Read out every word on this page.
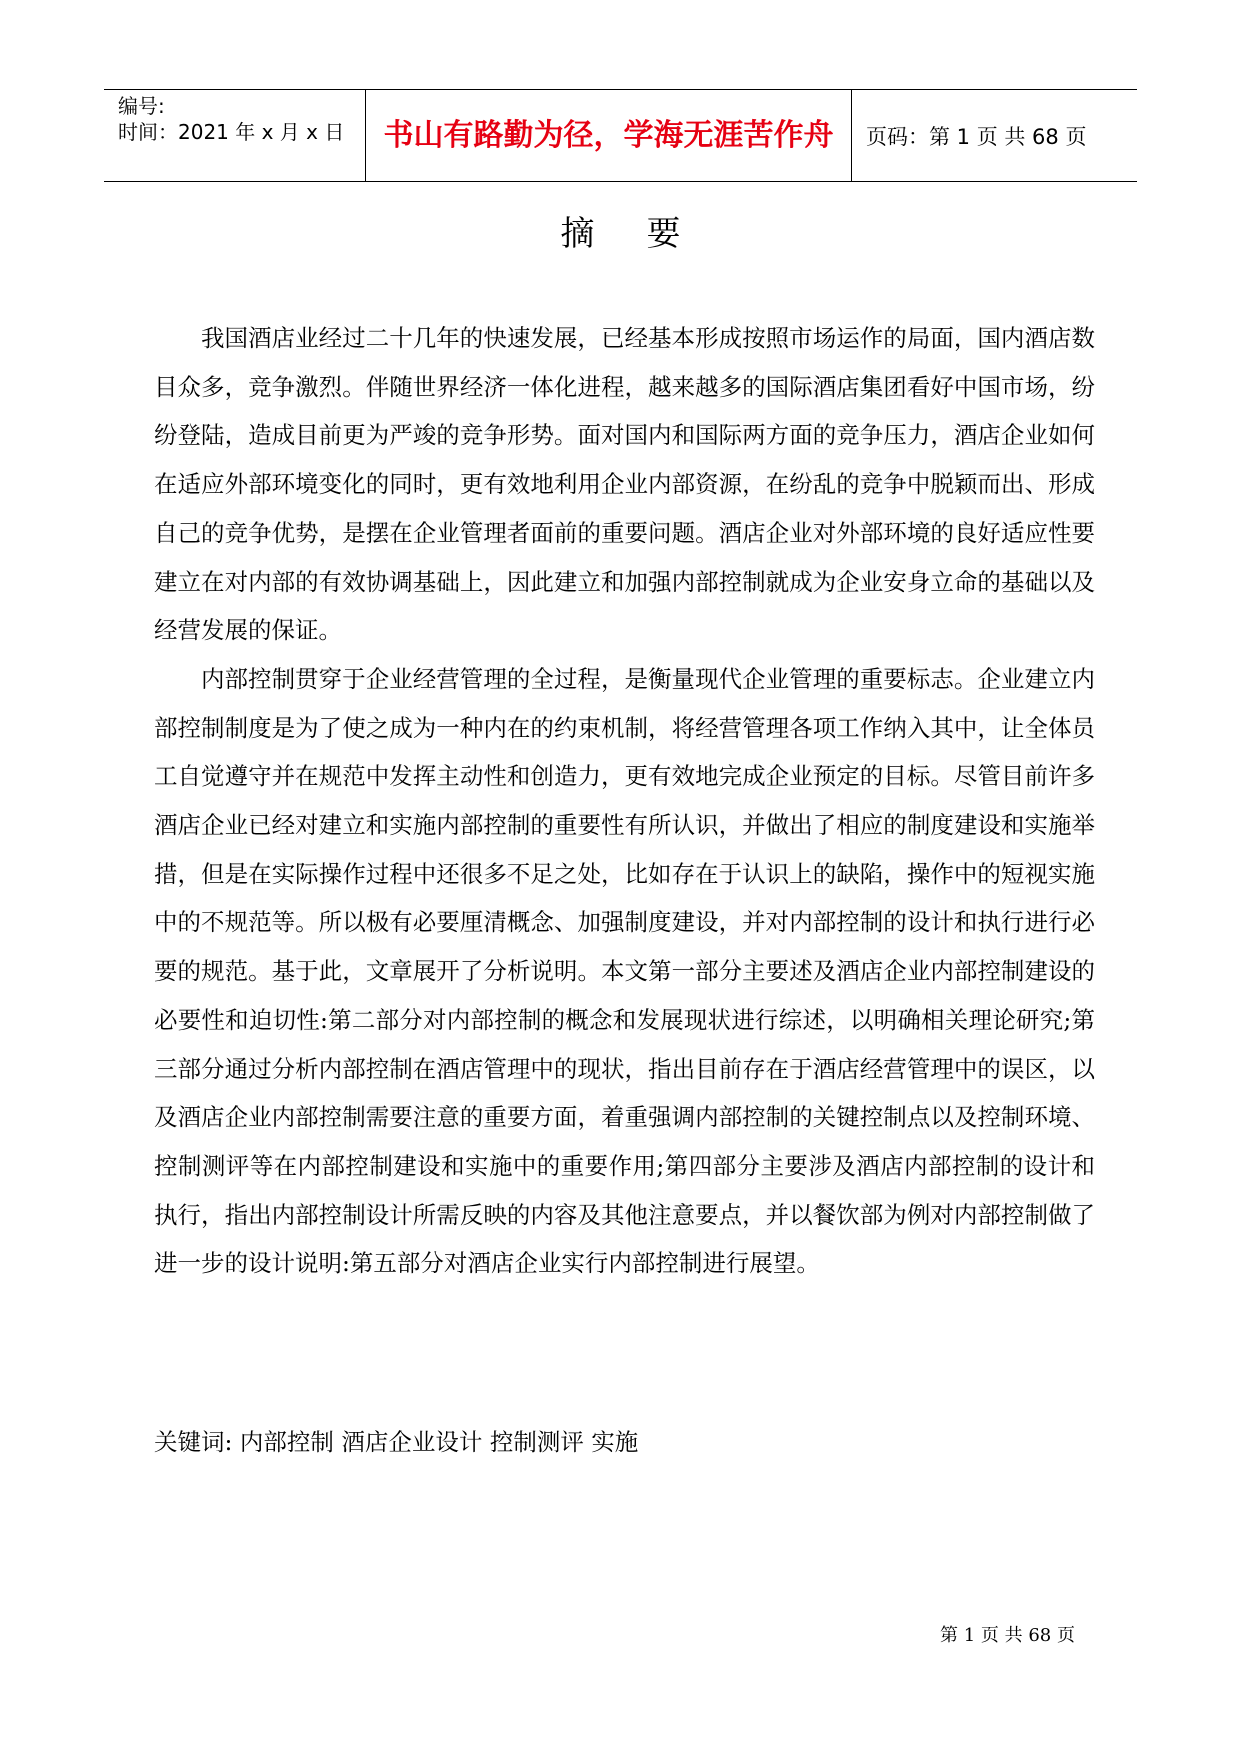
编号:
时间：2021 年 x 月 x 日	书山有路勤为径，学海无涯苦作舟	页码：第 1 页 共 68 页
摘要

我国酒店业经过二十几年的快速发展，已经基本形成按照市场运作的局面，国内酒店数目众多，竞争激烈。伴随世界经济一体化进程，越来越多的国际酒店集团看好中国市场，纷纷登陆，造成目前更为严竣的竞争形势。面对国内和国际两方面的竞争压力，酒店企业如何在适应外部环境变化的同时，更有效地利用企业内部资源，在纷乱的竞争中脱颖而出、形成自己的竞争优势，是摆在企业管理者面前的重要问题。酒店企业对外部环境的良好适应性要建立在对内部的有效协调基础上，因此建立和加强内部控制就成为企业安身立命的基础以及经营发展的保证。

内部控制贯穿于企业经营管理的全过程，是衡量现代企业管理的重要标志。企业建立内部控制制度是为了使之成为一种内在的约束机制，将经营管理各项工作纳入其中，让全体员工自觉遵守并在规范中发挥主动性和创造力，更有效地完成企业预定的目标。尽管目前许多酒店企业已经对建立和实施内部控制的重要性有所认识，并做出了相应的制度建设和实施举措，但是在实际操作过程中还很多不足之处，比如存在于认识上的缺陷，操作中的短视实施中的不规范等。所以极有必要厘清概念、加强制度建设，并对内部控制的设计和执行进行必要的规范。基于此，文章展开了分析说明。本文第一部分主要述及酒店企业内部控制建设的必要性和迫切性:第二部分对内部控制的概念和发展现状进行综述，以明确相关理论研究;第三部分通过分析内部控制在酒店管理中的现状，指出目前存在于酒店经营管理中的误区，以及酒店企业内部控制需要注意的重要方面，着重强调内部控制的关键控制点以及控制环境、控制测评等在内部控制建设和实施中的重要作用;第四部分主要涉及酒店内部控制的设计和执行，指出内部控制设计所需反映的内容及其他注意要点，并以餐饮部为例对内部控制做了进一步的设计说明:第五部分对酒店企业实行内部控制进行展望。

关键词: 内部控制 酒店企业设计 控制测评 实施
第 1 页 共 68 页
